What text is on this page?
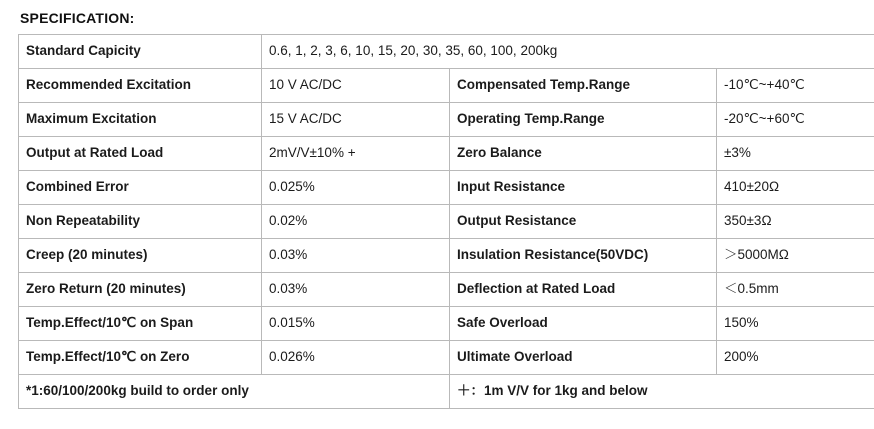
SPECIFICATION:
Standard Capicity	0.6, 1, 2, 3, 6, 10, 15, 20, 30, 35, 60, 100, 200kg		
Recommended Excitation	10 V AC/DC	Compensated Temp.Range	-10℃~+40℃
Maximum Excitation	15 V AC/DC	Operating Temp.Range	-20℃~+60℃
Output at Rated Load	2mV/V±10% +	Zero Balance	±3%
Combined Error	0.025%	Input Resistance	410±20Ω
Non Repeatability	0.02%	Output Resistance	350±3Ω
Creep (20 minutes)	0.03%	Insulation Resistance(50VDC)	＞5000MΩ
Zero Return (20 minutes)	0.03%	Deflection at Rated Load	＜0.5mm
Temp.Effect/10℃ on Span	0.015%	Safe Overload	150%
Temp.Effect/10℃ on Zero	0.026%	Ultimate Overload	200%
*1:60/100/200kg build to order only		＋：1m V/V for 1kg and below	
